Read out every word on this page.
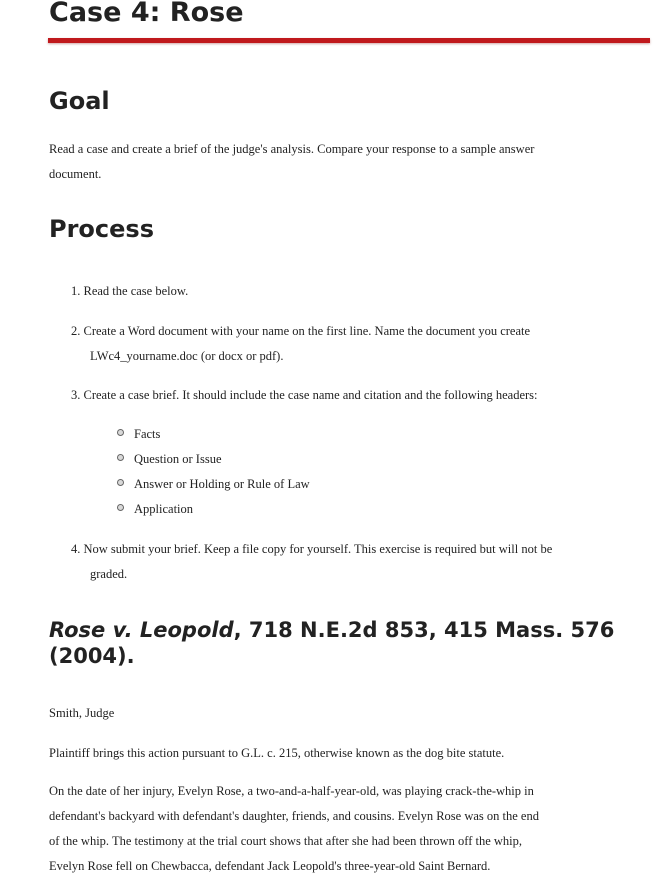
Case 4: Rose
Goal
Read a case and create a brief of the judge's analysis. Compare your response to a sample answer
document.
Process
1. Read the case below.
2. Create a Word document with your name on the first line. Name the document you create
LWc4_yourname.doc (or docx or pdf).
3. Create a case brief. It should include the case name and citation and the following headers:
Facts
Question or Issue
Answer or Holding or Rule of Law
Application
4. Now submit your brief. Keep a file copy for yourself. This exercise is required but will not be
graded.
Rose v. Leopold, 718 N.E.2d 853, 415 Mass. 576
(2004).

Smith, Judge

Plaintiff brings this action pursuant to G.L. c. 215, otherwise known as the dog bite statute.

On the date of her injury, Evelyn Rose, a two-and-a-half-year-old, was playing crack-the-whip in
defendant's backyard with defendant's daughter, friends, and cousins. Evelyn Rose was on the end
of the whip. The testimony at the trial court shows that after she had been thrown off the whip,
Evelyn Rose fell on Chewbacca, defendant Jack Leopold's three-year-old Saint Bernard.
